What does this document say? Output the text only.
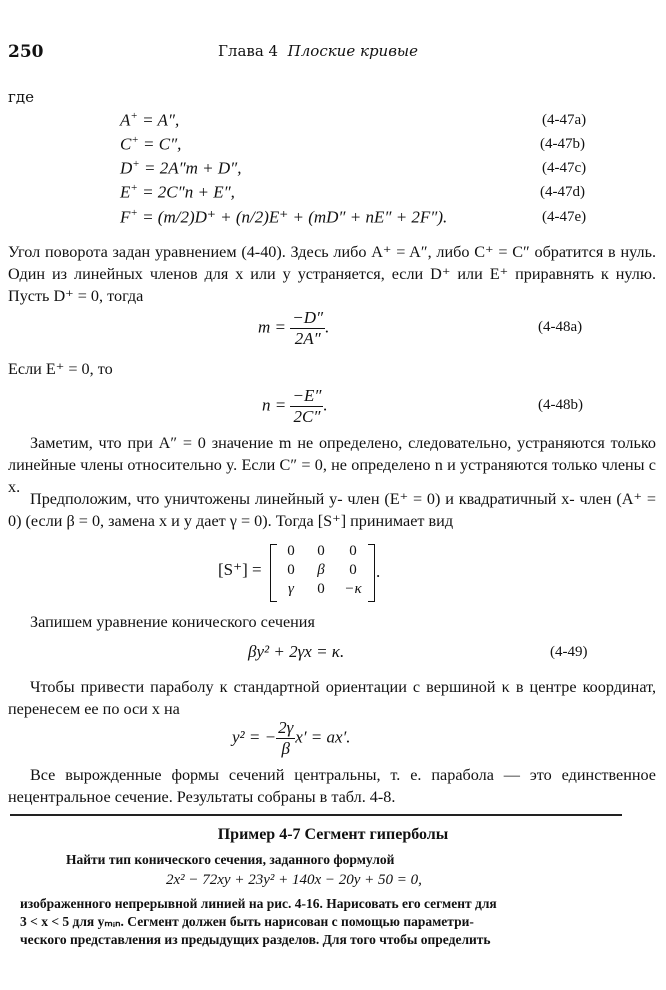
250	Глава 4 Плоские кривые
где
A+ = A″,	(4-47a)
C+ = C″,	(4-47b)
D+ = 2A″m + D″,	(4-47c)
E+ = 2C″n + E″,	(4-47d)
F+ = (m/2)D⁺ + (n/2)E⁺ + (mD″ + nE″ + 2F″).	(4-47e)
Угол поворота задан уравнением (4-40). Здесь либо A⁺ = A″, либо C⁺ = C″ обратится в нуль. Один из линейных членов для x или y устраняется, если D⁺ или E⁺ приравнять к нулю. Пусть D⁺ = 0, тогда
$m = \frac{-D''}{2A''}$ .	(4-48a)
Если E⁺ = 0, то
$n = \frac{-E''}{2C''}$ .	(4-48b)
Заметим, что при A″ = 0 значение m не определено, следовательно, устраняются только линейные члены относительно y. Если C″ = 0, не определено n и устраняются только члены с x.
Предположим, что уничтожены линейный y- член (E⁺ = 0) и квадратичный x- член (A⁺ = 0) (если β = 0, замена x и y дает γ = 0). Тогда [S⁺] принимает вид
[S⁺] =
0	0	0
0	β	0
γ	0	−κ
.
Запишем уравнение конического сечения
βy² + 2γx = κ.	(4-49)
Чтобы привести параболу к стандартной ориентации с вершиной κ в центре координат, перенесем ее по оси x на
y² = − $\frac{2\gamma}{\beta} x' = ax'$.
Все вырожденные формы сечений центральны, т. е. парабола — это единственное нецентральное сечение. Результаты собраны в табл. 4-8.
Пример 4-7 Сегмент гиперболы
Найти тип конического сечения, заданного формулой
2x² − 72xy + 23y² + 140x − 20y + 50 = 0,
изображенного непрерывной линией на рис. 4-16. Нарисовать его сегмент для
3 < x < 5 для yₘᵢₙ. Сегмент должен быть нарисован с помощью параметри-
ческого представления из предыдущих разделов. Для того чтобы определить
